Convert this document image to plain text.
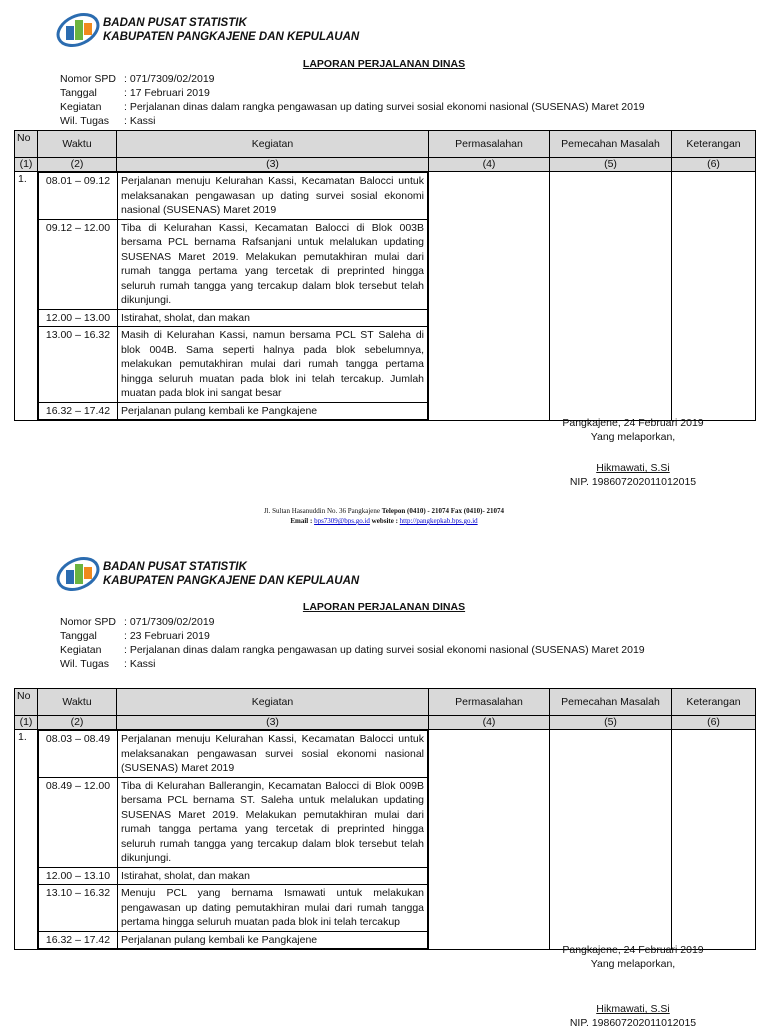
BADAN PUSAT STATISTIK
KABUPATEN PANGKAJENE DAN KEPULAUAN
LAPORAN PERJALANAN DINAS
Nomor SPD : 071/7309/02/2019
Tanggal	: 17 Februari 2019
Kegiatan	: Perjalanan dinas dalam rangka pengawasan up dating survei sosial ekonomi nasional (SUSENAS) Maret 2019
Wil. Tugas	: Kassi
No	Waktu	Kegiatan	Permasalahan	Pemecahan Masalah	Keterangan
(1)	(2)	(3)	(4)	(5)	(6)
1.	08.01 – 09.12	Perjalanan menuju Kelurahan Kassi, Kecamatan Balocci untuk melaksanakan pengawasan up dating survei sosial ekonomi nasional (SUSENAS) Maret 2019
09.12 – 12.00	Tiba di Kelurahan Kassi, Kecamatan Balocci di Blok 003B bersama PCL bernama Rafsanjani untuk melalukan updating SUSENAS Maret 2019. Melakukan pemutakhiran mulai dari rumah tangga pertama yang tercetak di preprinted hingga seluruh rumah tangga yang tercakup dalam blok tersebut telah dikunjungi.
12.00 – 13.00	Istirahat, sholat, dan makan
13.00 – 16.32	Masih di Kelurahan Kassi, namun bersama PCL ST Saleha di blok 004B. Sama seperti halnya pada blok sebelumnya, melakukan pemutakhiran mulai dari rumah tangga pertama hingga seluruh muatan pada blok ini telah tercakup. Jumlah muatan pada blok ini sangat besar
16.32 – 17.42	Perjalanan pulang kembali ke Pangkajene

Pangkajene, 24 Februari 2019
Yang melaporkan,
Hikmawati, S.Si
NIP. 198607202011012015
Jl. Sultan Hasanuddin No. 36 Pangkajene Telepon (0410) - 21074 Fax (0410)- 21074
Email : bps7309@bps.go.id website : http://pangkepkab.bps.go.id
BADAN PUSAT STATISTIK
KABUPATEN PANGKAJENE DAN KEPULAUAN
LAPORAN PERJALANAN DINAS
Nomor SPD : 071/7309/02/2019
Tanggal	: 23 Februari 2019
Kegiatan	: Perjalanan dinas dalam rangka pengawasan up dating survei sosial ekonomi nasional (SUSENAS) Maret 2019
Wil. Tugas	: Kassi
No	Waktu	Kegiatan	Permasalahan	Pemecahan Masalah	Keterangan
(1)	(2)	(3)	(4)	(5)	(6)
1.	08.03 – 08.49	Perjalanan menuju Kelurahan Kassi, Kecamatan Balocci untuk melaksanakan pengawasan survei sosial ekonomi nasional (SUSENAS) Maret 2019
08.49 – 12.00	Tiba di Kelurahan Ballerangin, Kecamatan Balocci di Blok 009B bersama PCL bernama ST. Saleha untuk melalukan updating SUSENAS Maret 2019. Melakukan pemutakhiran mulai dari rumah tangga pertama yang tercetak di preprinted hingga seluruh rumah tangga yang tercakup dalam blok tersebut telah dikunjungi.
12.00 – 13.10	Istirahat, sholat, dan makan
13.10 – 16.32	Menuju PCL yang bernama Ismawati untuk melakukan pengawasan up dating pemutakhiran mulai dari rumah tangga pertama hingga seluruh muatan pada blok ini telah tercakup
16.32 – 17.42	Perjalanan pulang kembali ke Pangkajene

Pangkajene, 24 Februari 2019
Yang melaporkan,
Hikmawati, S.Si
NIP. 198607202011012015
